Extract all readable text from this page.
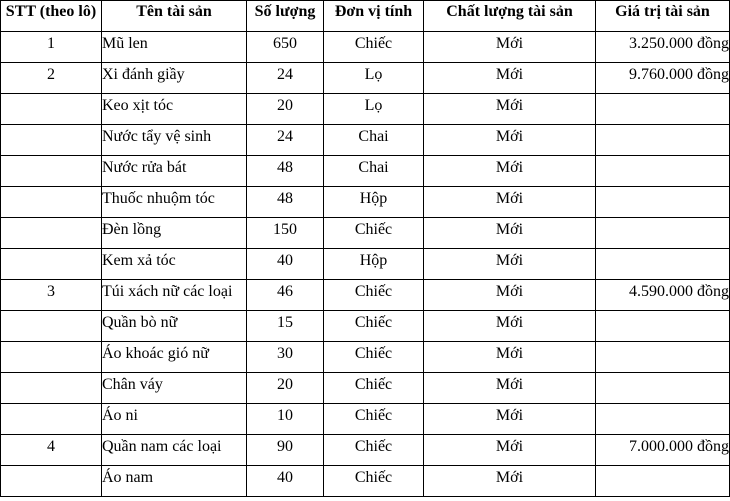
STT (theo lô)	Tên tài sản	Số lượng	Đơn vị tính	Chất lượng tài sản	Giá trị tài sản
1	Mũ len	650	Chiếc	Mới	3.250.000 đồng
2	Xi đánh giầy	24	Lọ	Mới	9.760.000 đồng
	Keo xịt tóc	20	Lọ	Mới	
	Nước tẩy vệ sinh	24	Chai	Mới	
	Nước rửa bát	48	Chai	Mới	
	Thuốc nhuộm tóc	48	Hộp	Mới	
	Đèn lồng	150	Chiếc	Mới	
	Kem xả tóc	40	Hộp	Mới	
3	Túi xách nữ các loại	46	Chiếc	Mới	4.590.000 đồng
	Quần bò nữ	15	Chiếc	Mới	
	Áo khoác gió nữ	30	Chiếc	Mới	
	Chân váy	20	Chiếc	Mới	
	Áo ni	10	Chiếc	Mới	
4	Quần nam các loại	90	Chiếc	Mới	7.000.000 đồng
	Áo nam	40	Chiếc	Mới	
